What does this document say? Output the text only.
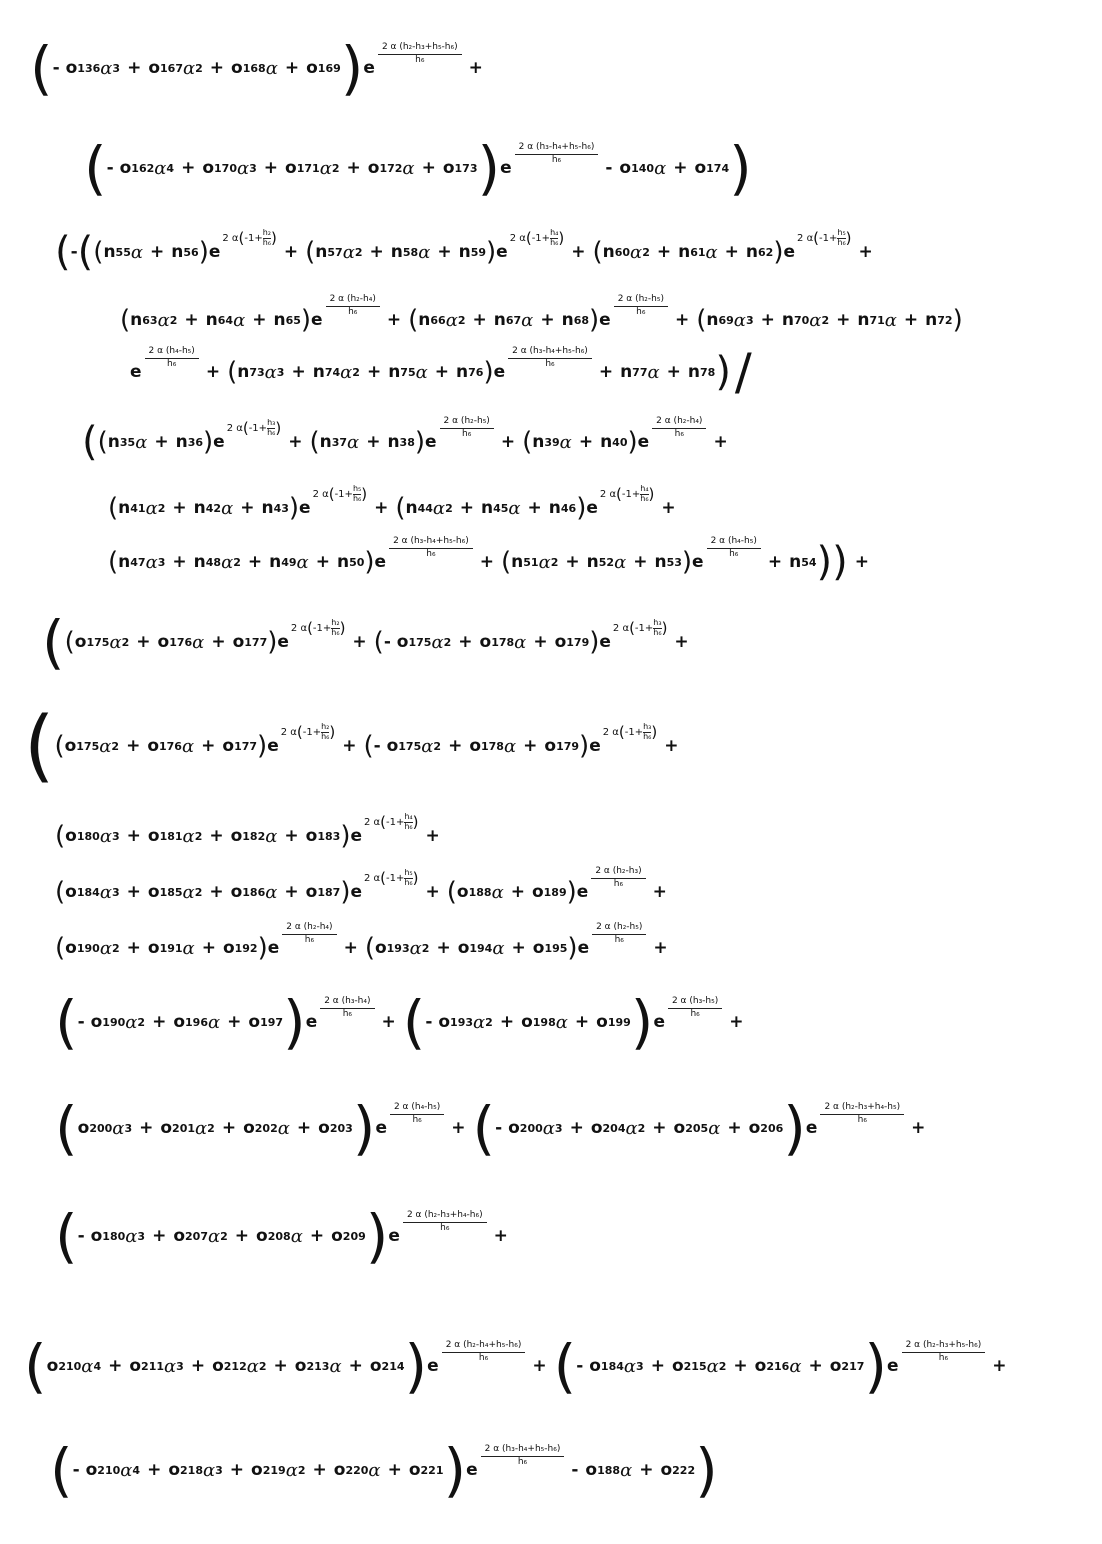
( - o 136 α 3 + o 167 α 2 + o 168 α + o 169 ) e
$\frac{\text{2 α (h₂-h₃+h₅-h₆)}}{\text{h₆}}$
+
( - o 162 α 4 + o 170 α 3 + o 171 α 2 + o 172 α + o 173 ) e
$\frac{\text{2 α (h₃-h₄+h₅-h₆)}}{\text{h₆}}$
- o 140 α + o 174 )
( - ( ( n 55 α + n 56 ) e
2 α ( -1+ h₂
h₆ )
+ ( n 57 α 2 + n 58 α + n 59 ) e
2 α ( -1+ h₄
h₆ )
+ ( n 60 α 2 + n 61 α + n 62 ) e
2 α ( -1+ h₅
h₆ )
+
( n 63 α 2 + n 64 α + n 65 ) e
$\frac{\text{2 α (h₂-h₄)}}{\text{h₆}}$
+ ( n 66 α 2 + n 67 α + n 68 ) e
$\frac{\text{2 α (h₂-h₅)}}{\text{h₆}}$
+ ( n 69 α 3 + n 70 α 2 + n 71 α + n 72 )
e
$\frac{\text{2 α (h₄-h₅)}}{\text{h₆}}$
+ ( n 73 α 3 + n 74 α 2 + n 75 α + n 76 ) e
$\frac{\text{2 α (h₃-h₄+h₅-h₆)}}{\text{h₆}}$
+ n 77 α + n 78 ) /
( ( n 35 α + n 36 ) e
2 α ( -1+ h₃
h₆ )
+ ( n 37 α + n 38 ) e
$\frac{\text{2 α (h₂-h₅)}}{\text{h₆}}$
+ ( n 39 α + n 40 ) e
$\frac{\text{2 α (h₂-h₄)}}{\text{h₆}}$
+
( n 41 α 2 + n 42 α + n 43 ) e
2 α ( -1+ h₅
h₆ )
+ ( n 44 α 2 + n 45 α + n 46 ) e
2 α ( -1+ h₄
h₆ )
+
( n 47 α 3 + n 48 α 2 + n 49 α + n 50 ) e
$\frac{\text{2 α (h₃-h₄+h₅-h₆)}}{\text{h₆}}$
+ ( n 51 α 2 + n 52 α + n 53 ) e
$\frac{\text{2 α (h₄-h₅)}}{\text{h₆}}$
+ n 54 ) ) +
( ( o 175 α 2 + o 176 α + o 177 ) e
2 α ( -1+ h₂
h₆ )
+ ( - o 175 α 2 + o 178 α + o 179 ) e
2 α ( -1+ h₃
h₆ )
+
( ( o 175 α 2 + o 176 α + o 177 ) e
2 α ( -1+ h₂
h₆ )
+ ( - o 175 α 2 + o 178 α + o 179 ) e
2 α ( -1+ h₃
h₆ )
+
( o 180 α 3 + o 181 α 2 + o 182 α + o 183 ) e
2 α ( -1+ h₄
h₆ )
+
( o 184 α 3 + o 185 α 2 + o 186 α + o 187 ) e
2 α ( -1+ h₅
h₆ )
+ ( o 188 α + o 189 ) e
$\frac{\text{2 α (h₂-h₃)}}{\text{h₆}}$
+
( o 190 α 2 + o 191 α + o 192 ) e
$\frac{\text{2 α (h₂-h₄)}}{\text{h₆}}$
+ ( o 193 α 2 + o 194 α + o 195 ) e
$\frac{\text{2 α (h₂-h₅)}}{\text{h₆}}$
+
( - o 190 α 2 + o 196 α + o 197 ) e
$\frac{\text{2 α (h₃-h₄)}}{\text{h₆}}$
+ ( - o 193 α 2 + o 198 α + o 199 ) e
$\frac{\text{2 α (h₃-h₅)}}{\text{h₆}}$
+
( o 200 α 3 + o 201 α 2 + o 202 α + o 203 ) e
$\frac{\text{2 α (h₄-h₅)}}{\text{h₆}}$
+ ( - o 200 α 3 + o 204 α 2 + o 205 α + o 206 ) e
$\frac{\text{2 α (h₂-h₃+h₄-h₅)}}{\text{h₆}}$
+
( - o 180 α 3 + o 207 α 2 + o 208 α + o 209 ) e
$\frac{\text{2 α (h₂-h₃+h₄-h₆)}}{\text{h₆}}$
+
( o 210 α 4 + o 211 α 3 + o 212 α 2 + o 213 α + o 214 ) e
$\frac{\text{2 α (h₂-h₄+h₅-h₆)}}{\text{h₆}}$
+ ( - o 184 α 3 + o 215 α 2 + o 216 α + o 217 ) e
$\frac{\text{2 α (h₂-h₃+h₅-h₆)}}{\text{h₆}}$
+
( - o 210 α 4 + o 218 α 3 + o 219 α 2 + o 220 α + o 221 ) e
$\frac{\text{2 α (h₃-h₄+h₅-h₆)}}{\text{h₆}}$
- o 188 α + o 222 )
